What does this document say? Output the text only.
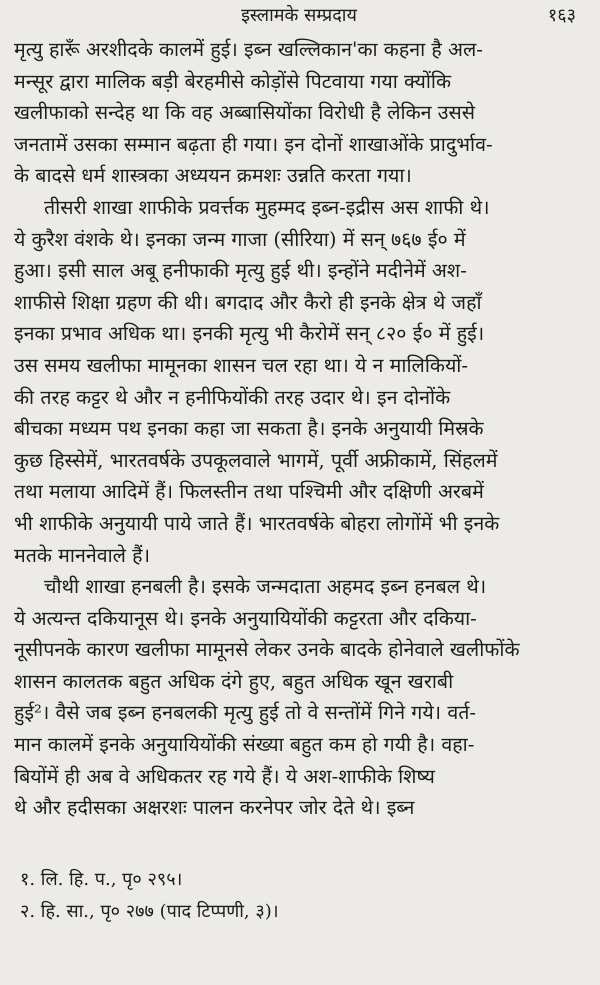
इस्लामके सम्प्रदाय	१६३
मृत्यु हारूँ अरशीदके कालमें हुई। इब्न खल्लिकान'का कहना है अल-
मन्सूर द्वारा मालिक बड़ी बेरहमीसे कोड़ोंसे पिटवाया गया क्योंकि
खलीफाको सन्देह था कि वह अब्बासियोंका विरोधी है लेकिन उससे
जनतामें उसका सम्मान बढ़ता ही गया। इन दोनों शाखाओंके प्रादुर्भाव-
के बादसे धर्म शास्त्रका अध्ययन क्रमशः उन्नति करता गया।
तीसरी शाखा शाफीके प्रवर्त्तक मुहम्मद इब्न-इद्रीस अस शाफी थे।
ये कुरैश वंशके थे। इनका जन्म गाजा (सीरिया) में सन् ७६७ ई० में
हुआ। इसी साल अबू हनीफाकी मृत्यु हुई थी। इन्होंने मदीनेमें अश-
शाफीसे शिक्षा ग्रहण की थी। बगदाद और कैरो ही इनके क्षेत्र थे जहाँ
इनका प्रभाव अधिक था। इनकी मृत्यु भी कैरोमें सन् ८२० ई० में हुई।
उस समय खलीफा मामूनका शासन चल रहा था। ये न मालिकियों-
की तरह कट्टर थे और न हनीफियोंकी तरह उदार थे। इन दोनोंके
बीचका मध्यम पथ इनका कहा जा सकता है। इनके अनुयायी मिस्रके
कुछ हिस्सेमें, भारतवर्षके उपकूलवाले भागमें, पूर्वी अफ्रीकामें, सिंहलमें
तथा मलाया आदिमें हैं। फिलस्तीन तथा पश्चिमी और दक्षिणी अरबमें
भी शाफीके अनुयायी पाये जाते हैं। भारतवर्षके बोहरा लोगोंमें भी इनके
मतके माननेवाले हैं।
चौथी शाखा हनबली है। इसके जन्मदाता अहमद इब्न हनबल थे।
ये अत्यन्त दकियानूस थे। इनके अनुयायियोंकी कट्टरता और दकिया-
नूसीपनके कारण खलीफा मामूनसे लेकर उनके बादके होनेवाले खलीफोंके
शासन कालतक बहुत अधिक दंगे हुए, बहुत अधिक खून खराबी
हुई²। वैसे जब इब्न हनबलकी मृत्यु हुई तो वे सन्तोंमें गिने गये। वर्त-
मान कालमें इनके अनुयायियोंकी संख्या बहुत कम हो गयी है। वहा-
बियोंमें ही अब वे अधिकतर रह गये हैं। ये अश-शाफीके शिष्य
थे और हदीसका अक्षरशः पालन करनेपर जोर देते थे। इब्न
१. लि. हि. प., पृ० २९५।
२. हि. सा., पृ० २७७ (पाद टिप्पणी, ३)।
